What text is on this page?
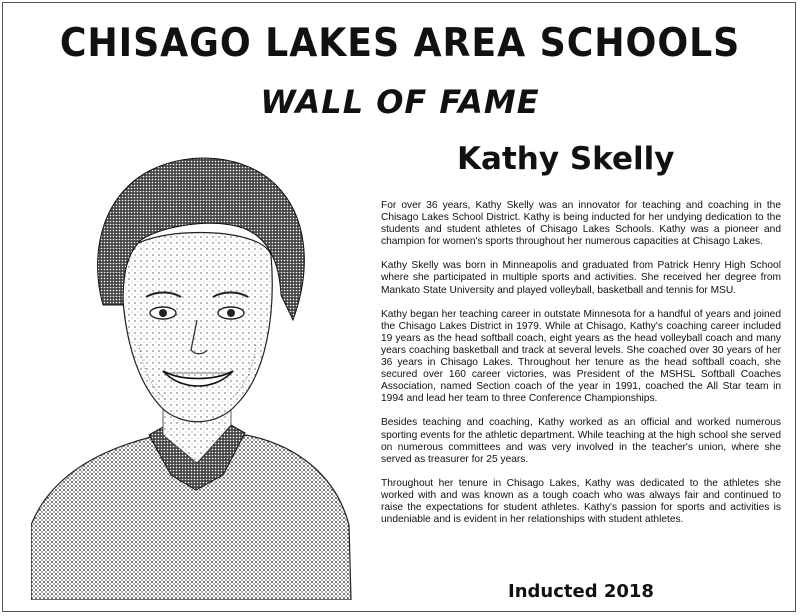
CHISAGO LAKES AREA SCHOOLS
WALL OF FAME
Kathy Skelly

For over 36 years, Kathy Skelly was an innovator for teaching and coaching in the Chisago Lakes School District. Kathy is being inducted for her undying dedication to the students and student athletes of Chisago Lakes Schools. Kathy was a pioneer and champion for women's sports throughout her numerous capacities at Chisago Lakes.

Kathy Skelly was born in Minneapolis and graduated from Patrick Henry High School where she participated in multiple sports and activities. She received her degree from Mankato State University and played volleyball, basketball and tennis for MSU.

Kathy began her teaching career in outstate Minnesota for a handful of years and joined the Chisago Lakes District in 1979. While at Chisago, Kathy's coaching career included 19 years as the head softball coach, eight years as the head volleyball coach and many years coaching basketball and track at several levels. She coached over 30 years of her 36 years in Chisago Lakes. Throughout her tenure as the head softball coach, she secured over 160 career victories, was President of the MSHSL Softball Coaches Association, named Section coach of the year in 1991, coached the All Star team in 1994 and lead her team to three Conference Championships.

Besides teaching and coaching, Kathy worked as an official and worked numerous sporting events for the athletic department. While teaching at the high school she served on numerous committees and was very involved in the teacher's union, where she served as treasurer for 25 years.

Throughout her tenure in Chisago Lakes, Kathy was dedicated to the athletes she worked with and was known as a tough coach who was always fair and continued to raise the expectations for student athletes. Kathy's passion for sports and activities is undeniable and is evident in her relationships with student athletes.

Inducted 2018
